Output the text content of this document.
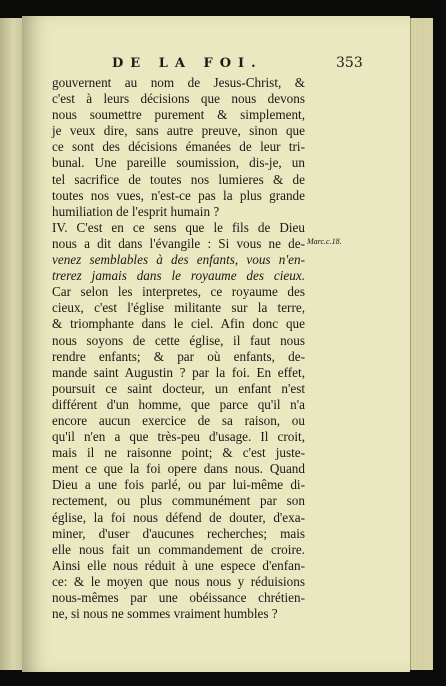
DE LA FOI.	353
Marc.c.18.
gouvernent au nom de Jesus-Christ, &
c'est à leurs décisions que nous devons
nous soumettre purement & simplement,
je veux dire, sans autre preuve, sinon que
ce sont des décisions émanées de leur tri-
bunal. Une pareille soumission, dis-je, un
tel sacrifice de toutes nos lumieres & de
toutes nos vues, n'est-ce pas la plus grande
humiliation de l'esprit humain ?
IV. C'est en ce sens que le fils de Dieu
nous a dit dans l'évangile : Si vous ne de-
venez semblables à des enfants, vous n'en-
trerez jamais dans le royaume des cieux.
Car selon les interpretes, ce royaume des
cieux, c'est l'église militante sur la terre,
& triomphante dans le ciel. Afin donc que
nous soyons de cette église, il faut nous
rendre enfants; & par où enfants, de-
mande saint Augustin ? par la foi. En effet,
poursuit ce saint docteur, un enfant n'est
différent d'un homme, que parce qu'il n'a
encore aucun exercice de sa raison, ou
qu'il n'en a que très-peu d'usage. Il croit,
mais il ne raisonne point; & c'est juste-
ment ce que la foi opere dans nous. Quand
Dieu a une fois parlé, ou par lui-même di-
rectement, ou plus communément par son
église, la foi nous défend de douter, d'exa-
miner, d'user d'aucunes recherches; mais
elle nous fait un commandement de croire.
Ainsi elle nous réduit à une espece d'enfan-
ce: & le moyen que nous nous y réduisions
nous-mêmes par une obéissance chrétien-
ne, si nous ne sommes vraiment humbles ?
